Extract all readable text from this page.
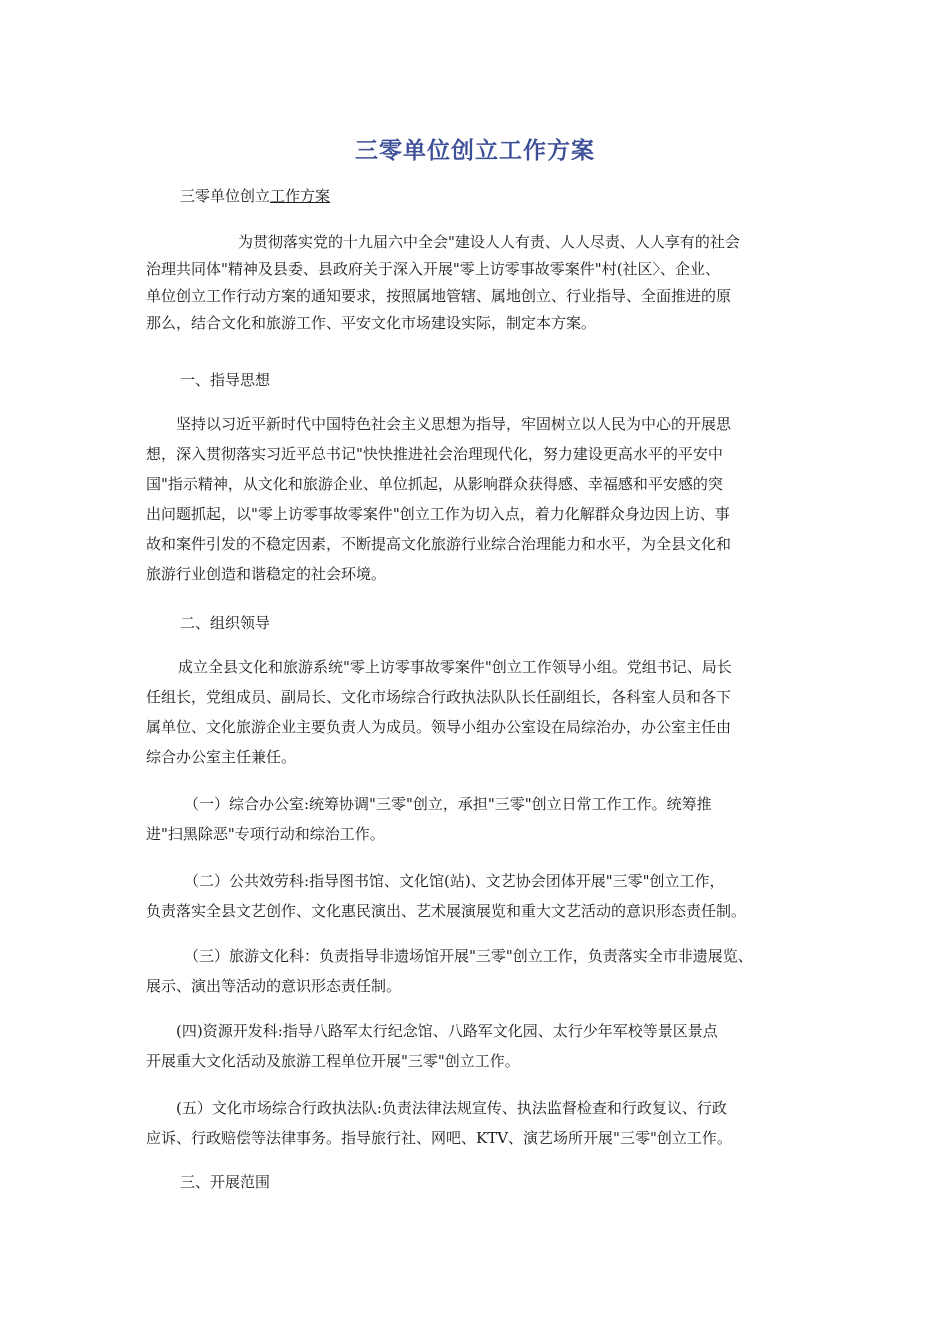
三零单位创立工作方案
三零单位创立工作方案
为贯彻落实党的十九届六中全会"建设人人有责、人人尽责、人人享有的社会
治理共同体"精神及县委、县政府关于深入开展"零上访零事故零案件"村(社区〉、企业、
单位创立工作行动方案的通知要求，按照属地管辖、属地创立、行业指导、全面推进的原
那么，结合文化和旅游工作、平安文化市场建设实际，制定本方案。
一、指导思想
坚持以习近平新时代中国特色社会主义思想为指导，牢固树立以人民为中心的开展思
想，深入贯彻落实习近平总书记"快快推进社会治理现代化，努力建设更高水平的平安中
国"指示精神，从文化和旅游企业、单位抓起，从影响群众获得感、幸福感和平安感的突
出问题抓起，以"零上访零事故零案件"创立工作为切入点，着力化解群众身边因上访、事
故和案件引发的不稳定因素，不断提高文化旅游行业综合治理能力和水平，为全县文化和
旅游行业创造和谐稳定的社会环境。
二、组织领导
成立全县文化和旅游系统"零上访零事故零案件"创立工作领导小组。党组书记、局长
任组长，党组成员、副局长、文化市场综合行政执法队队长任副组长，各科室人员和各下
属单位、文化旅游企业主要负责人为成员。领导小组办公室设在局综治办，办公室主任由
综合办公室主任兼任。
（一）综合办公室:统筹协调"三零"创立，承担"三零"创立日常工作工作。统筹推
进"扫黑除恶"专项行动和综治工作。
（二）公共效劳科:指导图书馆、文化馆(站)、文艺协会团体开展"三零"创立工作，
负责落实全县文艺创作、文化惠民演出、艺术展演展览和重大文艺活动的意识形态责任制。
（三）旅游文化科：负责指导非遗场馆开展"三零"创立工作，负责落实全市非遗展览、
展示、演出等活动的意识形态责任制。
(四)资源开发科:指导八路军太行纪念馆、八路军文化园、太行少年军校等景区景点
开展重大文化活动及旅游工程单位开展"三零"创立工作。
(五）文化市场综合行政执法队:负责法律法规宣传、执法监督检查和行政复议、行政
应诉、行政赔偿等法律事务。指导旅行社、网吧、KTV、演艺场所开展"三零"创立工作。
三、开展范围
